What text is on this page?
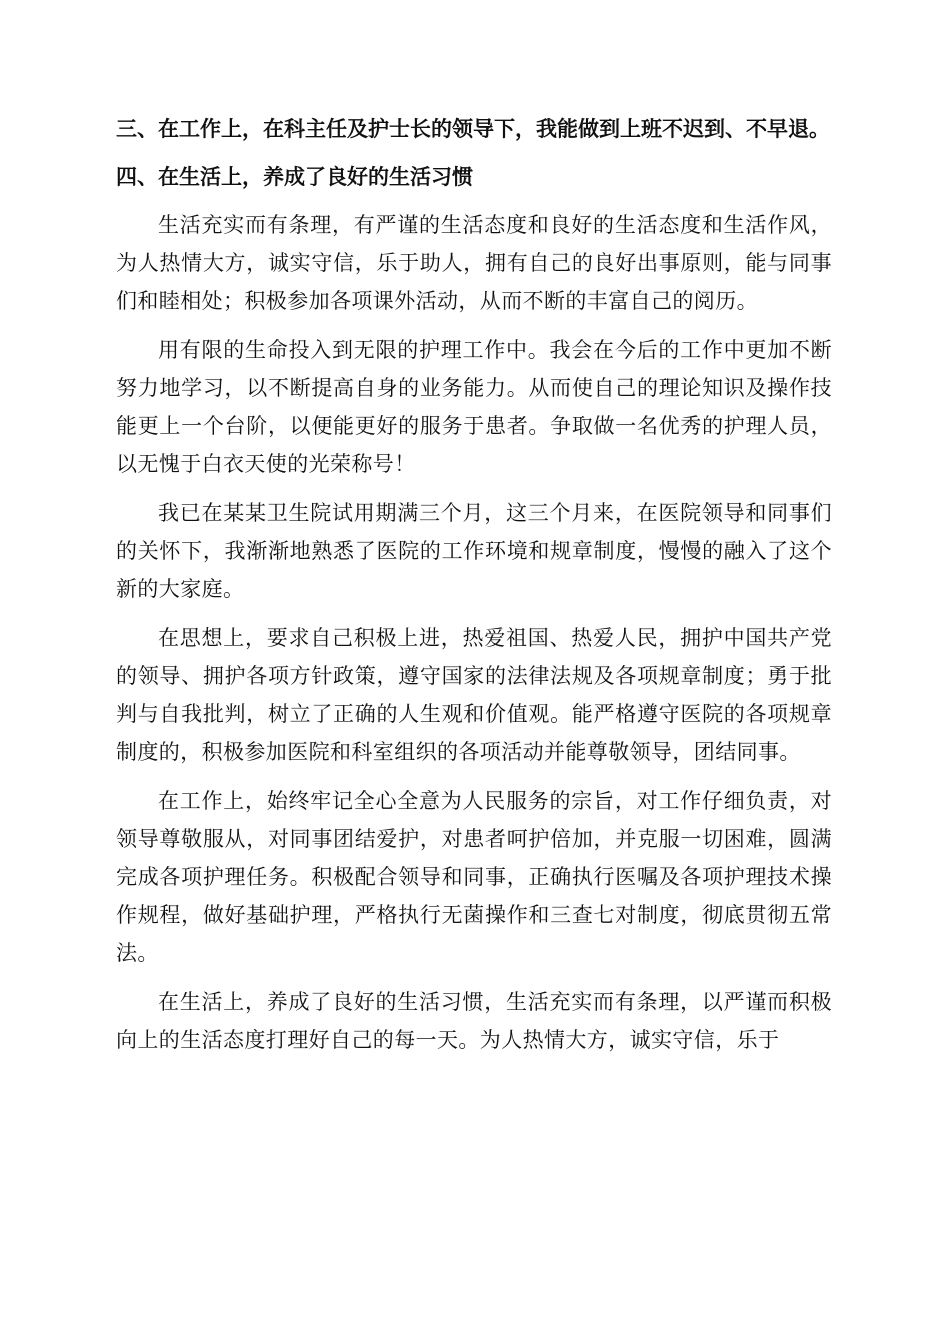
三、在工作上，在科主任及护士长的领导下，我能做到上班不迟到、不早退。

四、在生活上，养成了良好的生活习惯

生活充实而有条理，有严谨的生活态度和良好的生活态度和生活作风，为人热情大方，诚实守信，乐于助人，拥有自己的良好出事原则，能与同事们和睦相处；积极参加各项课外活动，从而不断的丰富自己的阅历。

用有限的生命投入到无限的护理工作中。我会在今后的工作中更加不断努力地学习，以不断提高自身的业务能力。从而使自己的理论知识及操作技能更上一个台阶，以便能更好的服务于患者。争取做一名优秀的护理人员，以无愧于白衣天使的光荣称号！

我已在某某卫生院试用期满三个月，这三个月来，在医院领导和同事们的关怀下，我渐渐地熟悉了医院的工作环境和规章制度，慢慢的融入了这个新的大家庭。

在思想上，要求自己积极上进，热爱祖国、热爱人民，拥护中国共产党的领导、拥护各项方针政策，遵守国家的法律法规及各项规章制度；勇于批判与自我批判，树立了正确的人生观和价值观。能严格遵守医院的各项规章制度的，积极参加医院和科室组织的各项活动并能尊敬领导，团结同事。

在工作上，始终牢记全心全意为人民服务的宗旨，对工作仔细负责，对领导尊敬服从，对同事团结爱护，对患者呵护倍加，并克服一切困难，圆满完成各项护理任务。积极配合领导和同事，正确执行医嘱及各项护理技术操作规程，做好基础护理，严格执行无菌操作和三查七对制度，彻底贯彻五常法。

在生活上，养成了良好的生活习惯，生活充实而有条理，以严谨而积极向上的生活态度打理好自己的每一天。为人热情大方，诚实守信，乐于
